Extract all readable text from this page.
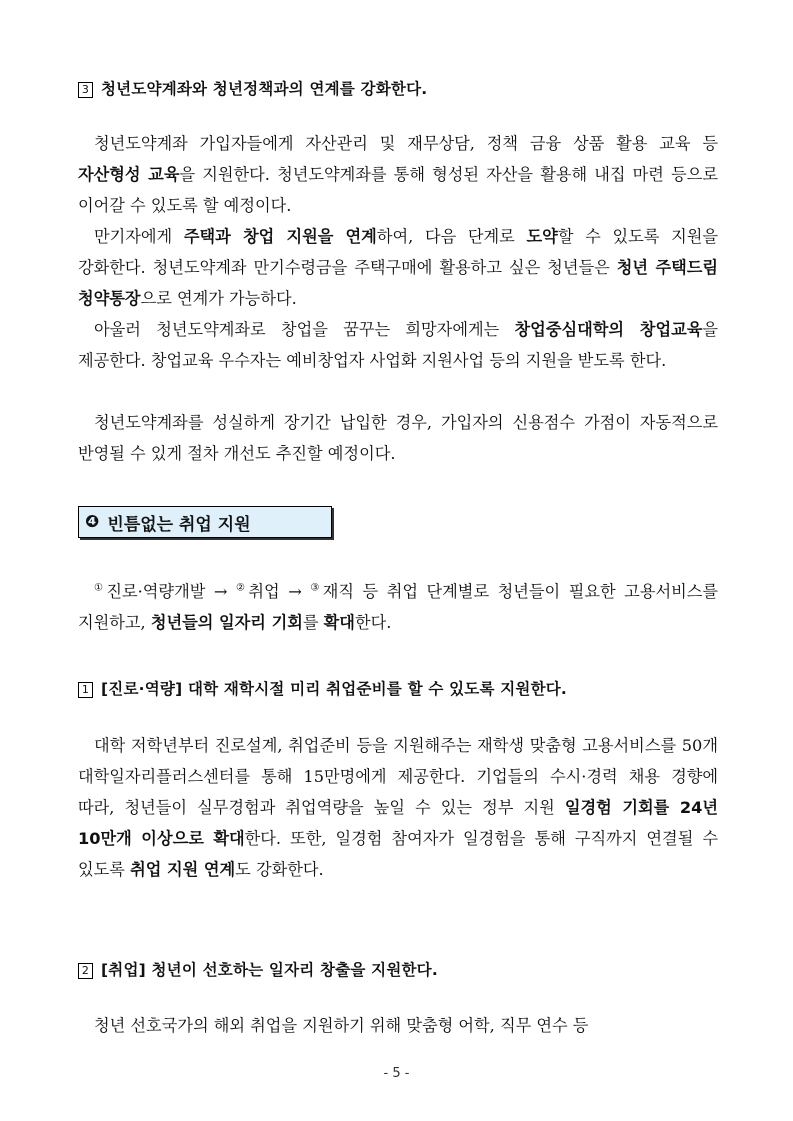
3 청년도약계좌와 청년정책과의 연계를 강화한다.
청년도약계좌 가입자들에게 자산관리 및 재무상담, 정책 금융 상품 활용 교육 등 자산형성 교육을 지원한다. 청년도약계좌를 통해 형성된 자산을 활용해 내집 마련 등으로 이어갈 수 있도록 할 예정이다.
만기자에게 주택과 창업 지원을 연계하여, 다음 단계로 도약할 수 있도록 지원을 강화한다. 청년도약계좌 만기수령금을 주택구매에 활용하고 싶은 청년들은 청년 주택드림 청약통장으로 연계가 가능하다.
아울러 청년도약계좌로 창업을 꿈꾸는 희망자에게는 창업중심대학의 창업교육을 제공한다. 창업교육 우수자는 예비창업자 사업화 지원사업 등의 지원을 받도록 한다.
청년도약계좌를 성실하게 장기간 납입한 경우, 가입자의 신용점수 가점이 자동적으로 반영될 수 있게 절차 개선도 추진할 예정이다.
❹ 빈틈없는 취업 지원
①진로·역량개발 → ②취업 → ③재직 등 취업 단계별로 청년들이 필요한 고용서비스를 지원하고, 청년들의 일자리 기회를 확대한다.
1 [진로·역량] 대학 재학시절 미리 취업준비를 할 수 있도록 지원한다.
대학 저학년부터 진로설계, 취업준비 등을 지원해주는 재학생 맞춤형 고용서비스를 50개 대학일자리플러스센터를 통해 15만명에게 제공한다. 기업들의 수시·경력 채용 경향에 따라, 청년들이 실무경험과 취업역량을 높일 수 있는 정부 지원 일경험 기회를 24년 10만개 이상으로 확대한다. 또한, 일경험 참여자가 일경험을 통해 구직까지 연결될 수 있도록 취업 지원 연계도 강화한다.
2 [취업] 청년이 선호하는 일자리 창출을 지원한다.
청년 선호국가의 해외 취업을 지원하기 위해 맞춤형 어학, 직무 연수 등
- 5 -
